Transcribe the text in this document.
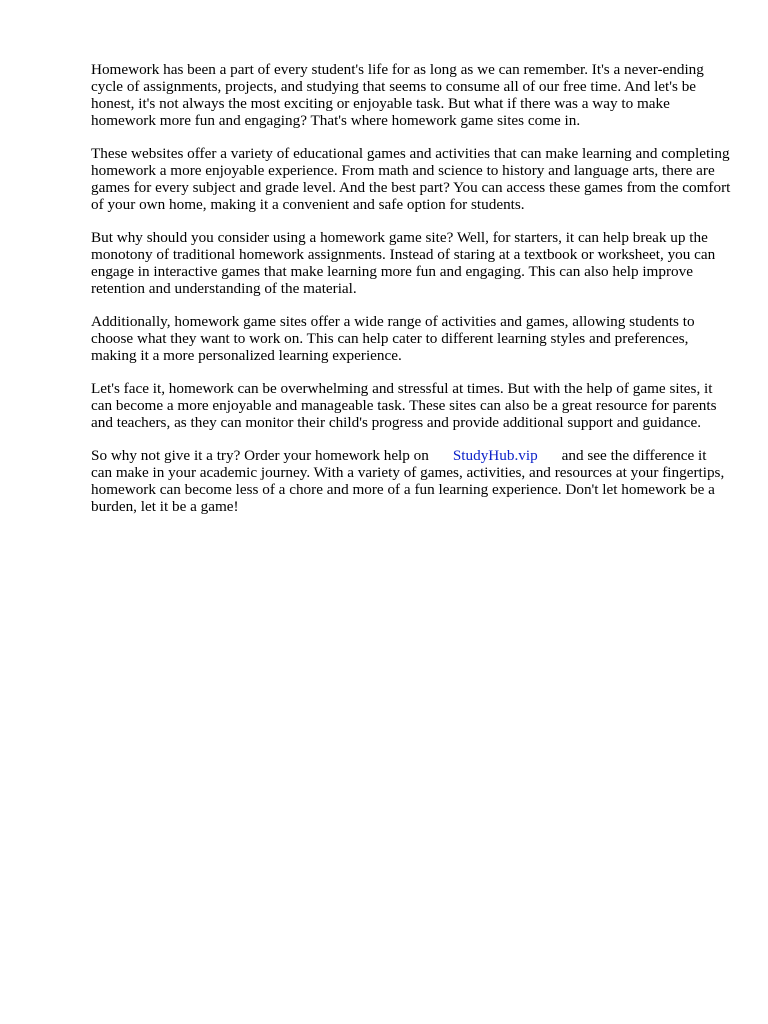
Homework has been a part of every student's life for as long as we can remember. It's a never-ending cycle of assignments, projects, and studying that seems to consume all of our free time. And let's be honest, it's not always the most exciting or enjoyable task. But what if there was a way to make homework more fun and engaging? That's where homework game sites come in.

These websites offer a variety of educational games and activities that can make learning and completing homework a more enjoyable experience. From math and science to history and language arts, there are games for every subject and grade level. And the best part? You can access these games from the comfort of your own home, making it a convenient and safe option for students.

But why should you consider using a homework game site? Well, for starters, it can help break up the monotony of traditional homework assignments. Instead of staring at a textbook or worksheet, you can engage in interactive games that make learning more fun and engaging. This can also help improve retention and understanding of the material.

Additionally, homework game sites offer a wide range of activities and games, allowing students to choose what they want to work on. This can help cater to different learning styles and preferences, making it a more personalized learning experience.

Let's face it, homework can be overwhelming and stressful at times. But with the help of game sites, it can become a more enjoyable and manageable task. These sites can also be a great resource for parents and teachers, as they can monitor their child's progress and provide additional support and guidance.

So why not give it a try? Order your homework help on StudyHub.vip and see the difference it can make in your academic journey. With a variety of games, activities, and resources at your fingertips, homework can become less of a chore and more of a fun learning experience. Don't let homework be a burden, let it be a game!
